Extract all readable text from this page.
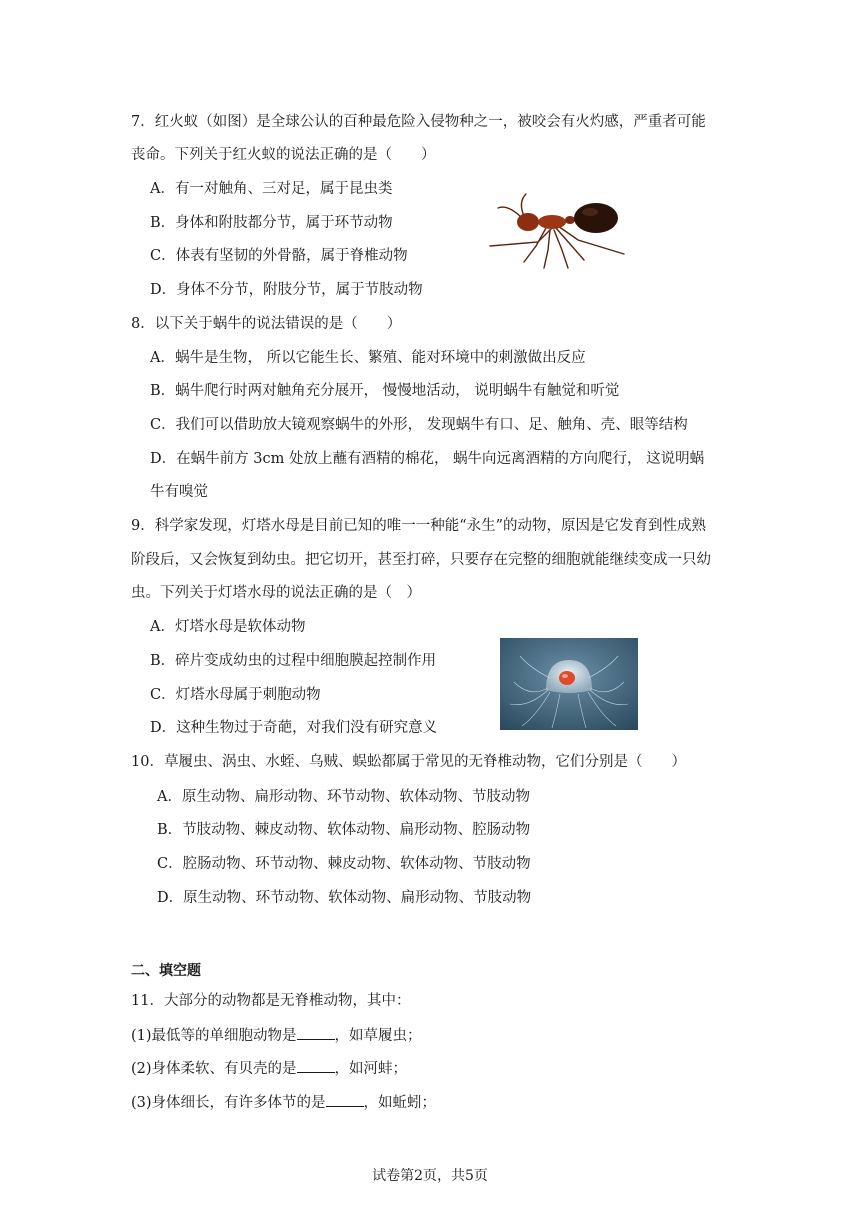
7．红火蚁（如图）是全球公认的百种最危险入侵物种之一，被咬会有火灼感，严重者可能
丧命。下列关于红火蚁的说法正确的是（　　）
A．有一对触角、三对足，属于昆虫类
B．身体和附肢都分节，属于环节动物
C．体表有坚韧的外骨骼，属于脊椎动物
D．身体不分节，附肢分节，属于节肢动物
8．以下关于蜗牛的说法错误的是（　　）
A．蜗牛是生物， 所以它能生长、繁殖、能对环境中的刺激做出反应
B．蜗牛爬行时两对触角充分展开， 慢慢地活动， 说明蜗牛有触觉和听觉
C．我们可以借助放大镜观察蜗牛的外形， 发现蜗牛有口、足、触角、壳、眼等结构
D．在蜗牛前方 3cm 处放上蘸有酒精的棉花， 蜗牛向远离酒精的方向爬行， 这说明蜗
牛有嗅觉
9．科学家发现，灯塔水母是目前已知的唯一一种能“永生”的动物，原因是它发育到性成熟
阶段后，又会恢复到幼虫。把它切开，甚至打碎，只要存在完整的细胞就能继续变成一只幼
虫。下列关于灯塔水母的说法正确的是（　）
A．灯塔水母是软体动物
B．碎片变成幼虫的过程中细胞膜起控制作用
C．灯塔水母属于刺胞动物
D．这种生物过于奇葩，对我们没有研究意义
10．草履虫、涡虫、水蛭、乌贼、蜈蚣都属于常见的无脊椎动物，它们分别是（　　）
A．原生动物、扁形动物、环节动物、软体动物、节肢动物
B．节肢动物、棘皮动物、软体动物、扁形动物、腔肠动物
C．腔肠动物、环节动物、棘皮动物、软体动物、节肢动物
D．原生动物、环节动物、软体动物、扁形动物、节肢动物
二、填空题
11．大部分的动物都是无脊椎动物，其中：
(1)最低等的单细胞动物是	，如草履虫；
(2)身体柔软、有贝壳的是	，如河蚌；
(3)身体细长，有许多体节的是	，如蚯蚓；
试卷第2页，共5页
